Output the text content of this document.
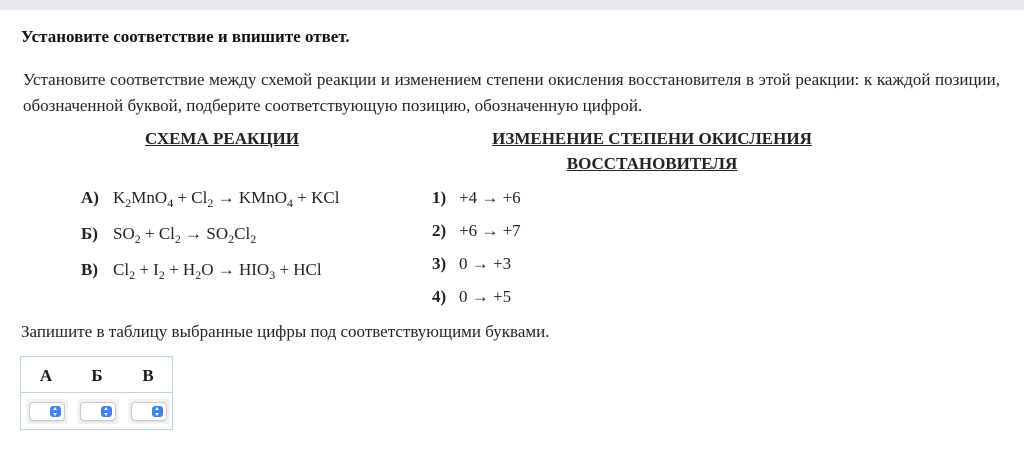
Установите соответствие и впишите ответ.
Установите соответствие между схемой реакции и изменением степени окисления восстановителя в этой реакции: к каждой позиции, обозначенной буквой, подберите соответствующую позицию, обозначенную цифрой.
СХЕМА РЕАКЦИИ	ИЗМЕНЕНИЕ СТЕПЕНИ ОКИСЛЕНИЯ
ВОССТАНОВИТЕЛЯ
А) $K_2MnO_4 + Cl_2$ → KMnO$_4$ + KCl
Б) $SO_2 + Cl_2 \to SO_2Cl_2$
В) $Cl_2 + I_2 + H_2O \to HIO_3$ + HCl
1) +4 → +6
2) +6 → +7
3) 0 → +3
4) 0 → +5
Запишите в таблицу выбранные цифры под соответствующими буквами.
А	Б	В
